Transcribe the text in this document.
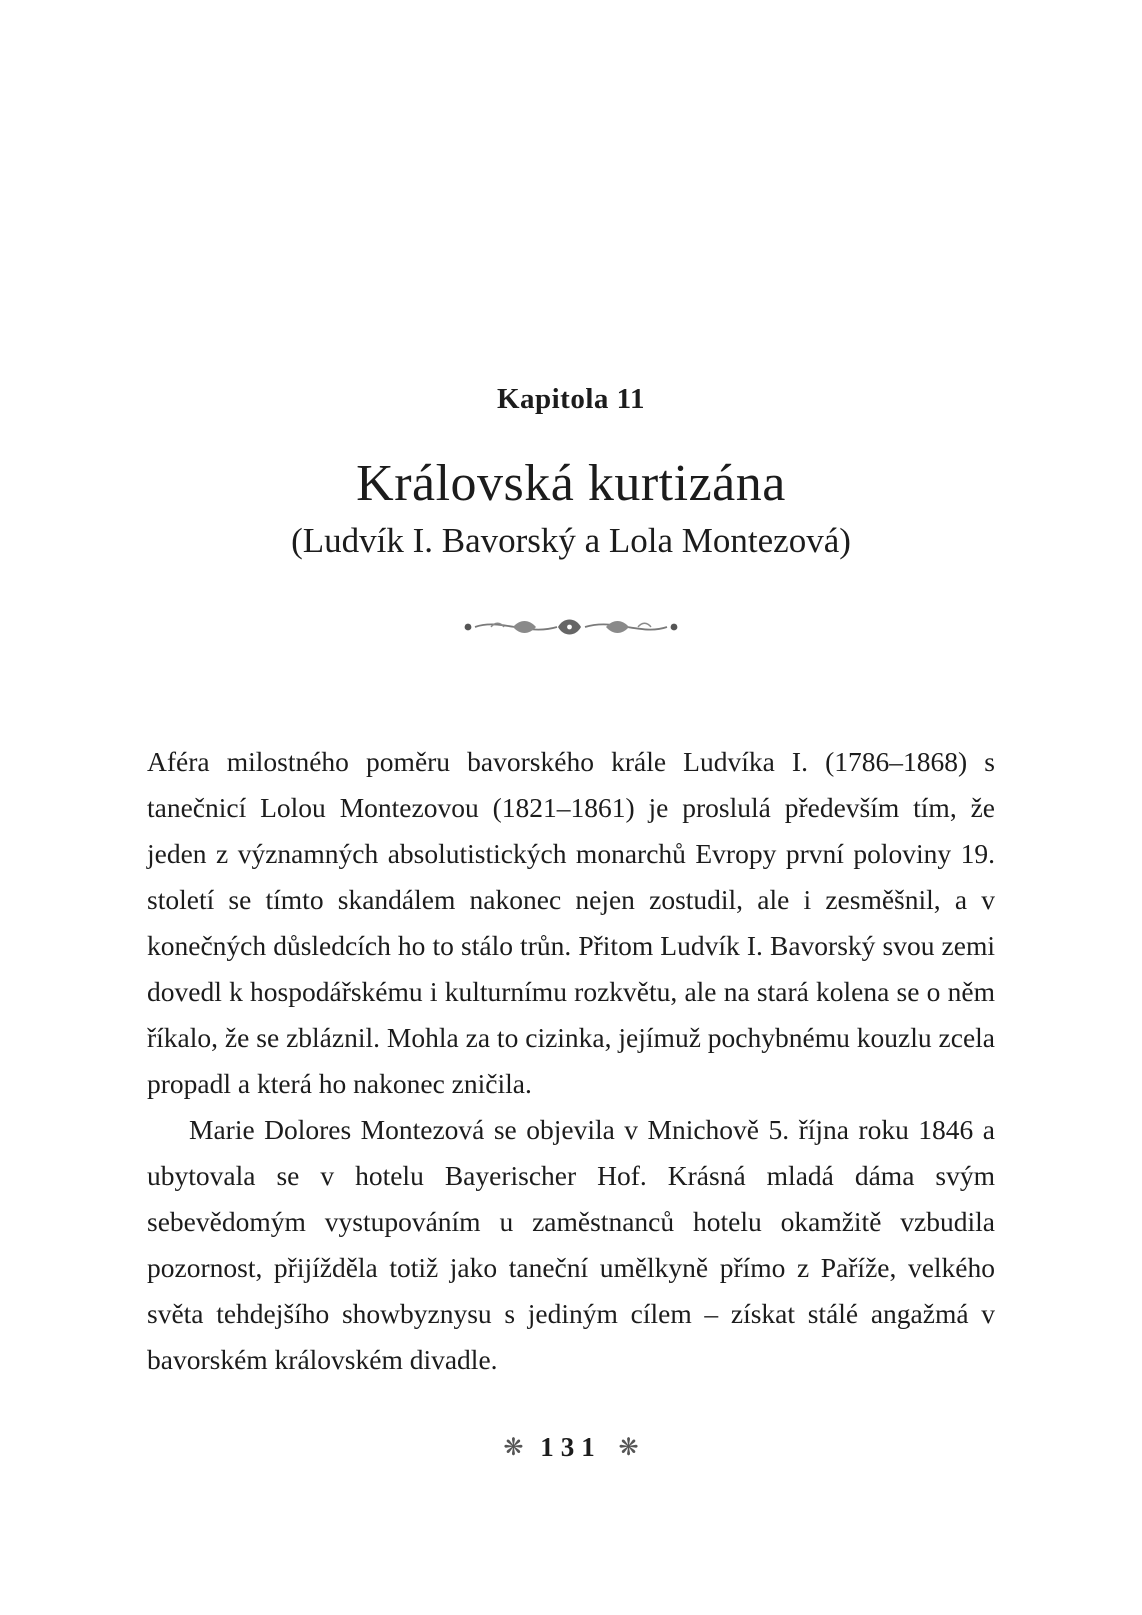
Kapitola 11
Královská kurtizána
(Ludvík I. Bavorský a Lola Montezová)

Aféra milostného poměru bavorského krále Ludvíka I. (1786–1868) s tanečnicí Lolou Montezovou (1821–1861) je proslulá především tím, že jeden z významných absolutistických monarchů Evropy první poloviny 19. století se tímto skandálem nakonec nejen zostudil, ale i zesměšnil, a v konečných důsledcích ho to stálo trůn. Přitom Ludvík I. Bavorský svou zemi dovedl k hospodářskému i kulturnímu rozkvětu, ale na stará kolena se o něm říkalo, že se zbláznil. Mohla za to cizinka, jejímuž pochybnému kouzlu zcela propadl a která ho nakonec zničila.

Marie Dolores Montezová se objevila v Mnichově 5. října roku 1846 a ubytovala se v hotelu Bayerischer Hof. Krásná mladá dáma svým sebevědomým vystupováním u zaměstnanců hotelu okamžitě vzbudila pozornost, přijížděla totiž jako taneční umělkyně přímo z Paříže, velkého světa tehdejšího showbyznysu s jediným cílem – získat stálé angažmá v bavorském královském divadle.

❋ 131 ❋
